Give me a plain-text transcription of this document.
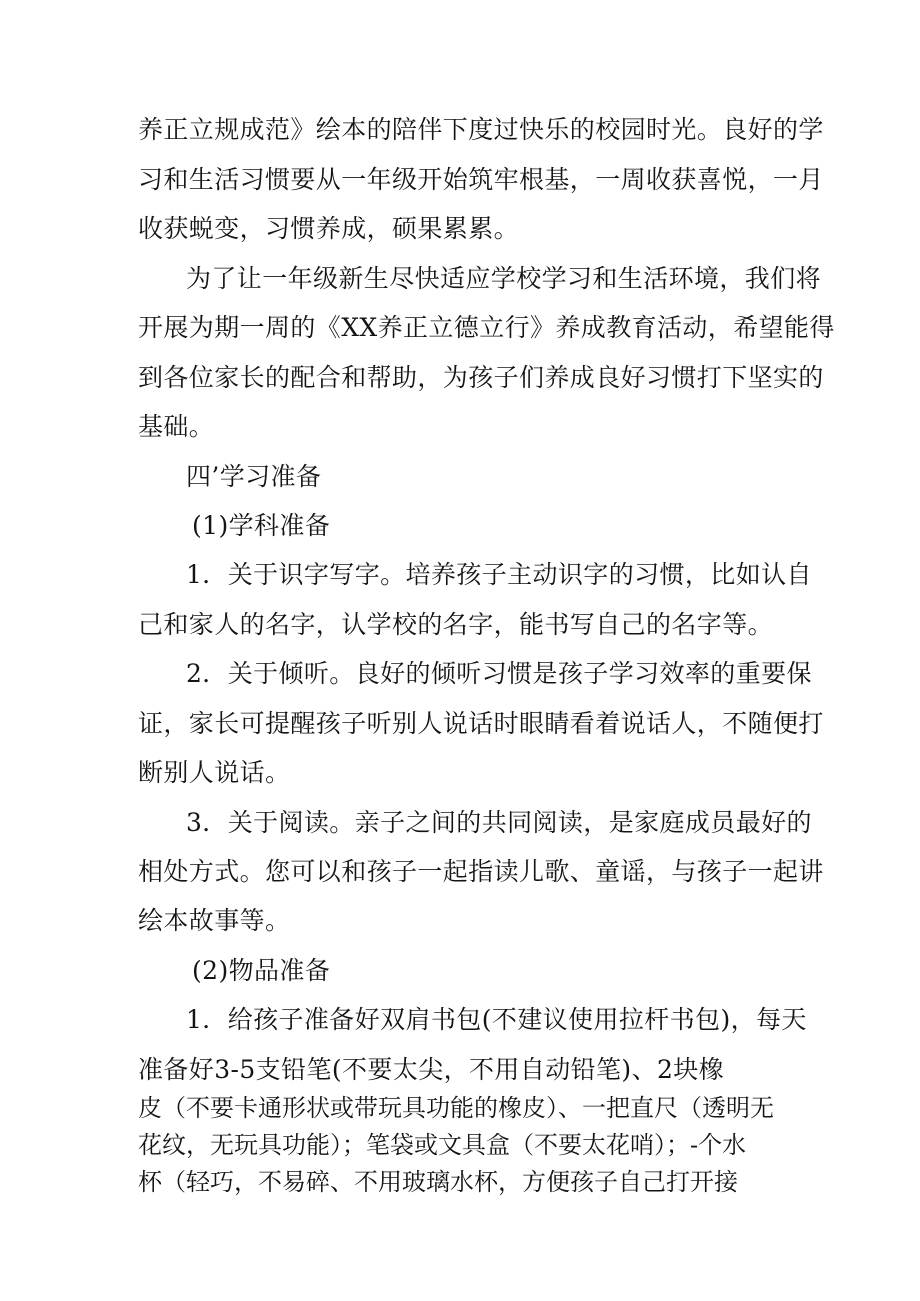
养正立规成范》绘本的陪伴下度过快乐的校园时光。良好的学
习和生活习惯要从一年级开始筑牢根基，一周收获喜悦，一月
收获蜕变，习惯养成，硕果累累。
为了让一年级新生尽快适应学校学习和生活环境，我们将
开展为期一周的《XX养正立德立行》养成教育活动，希望能得
到各位家长的配合和帮助，为孩子们养成良好习惯打下坚实的
基础。
四’学习准备
(1)学科准备
1．关于识字写字。培养孩子主动识字的习惯，比如认自
己和家人的名字，认学校的名字，能书写自己的名字等。
2．关于倾听。良好的倾听习惯是孩子学习效率的重要保
证，家长可提醒孩子听别人说话时眼睛看着说话人，不随便打
断别人说话。
3．关于阅读。亲子之间的共同阅读，是家庭成员最好的
相处方式。您可以和孩子一起指读儿歌、童谣，与孩子一起讲
绘本故事等。
(2)物品准备
1．给孩子准备好双肩书包(不建议使用拉杆书包)，每天
准备好3-5支铅笔(不要太尖，不用自动铅笔)、2块橡
皮（不要卡通形状或带玩具功能的橡皮）、一把直尺（透明无
花纹，无玩具功能）；笔袋或文具盒（不要太花哨）；-个水
杯（轻巧，不易碎、不用玻璃水杯，方便孩子自己打开接
